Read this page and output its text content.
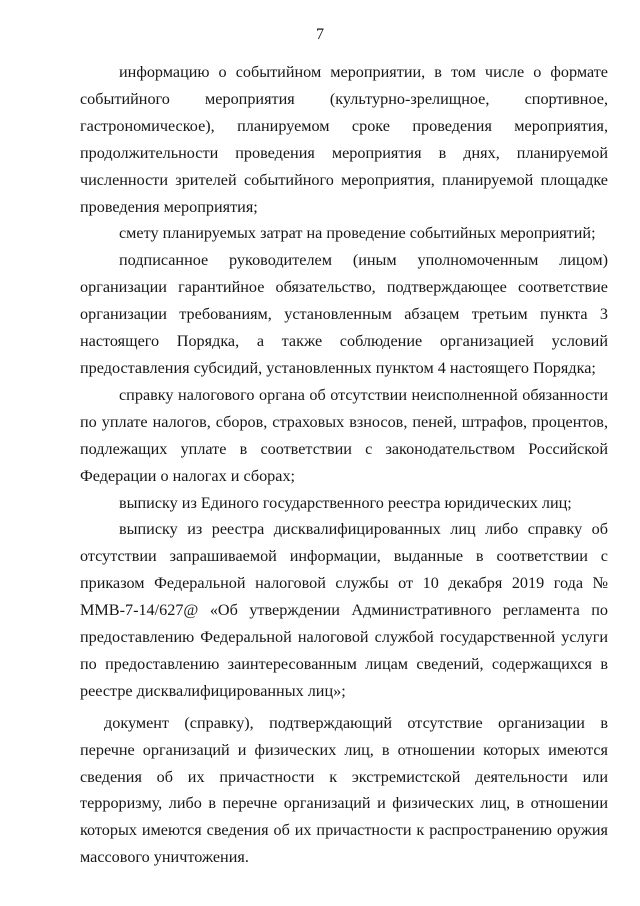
7

информацию о событийном мероприятии, в том числе о формате событийного мероприятия (культурно-зрелищное, спортивное, гастрономическое), планируемом сроке проведения мероприятия, продолжительности проведения мероприятия в днях, планируемой численности зрителей событийного мероприятия, планируемой площадке проведения мероприятия;

смету планируемых затрат на проведение событийных мероприятий;

подписанное руководителем (иным уполномоченным лицом) организации гарантийное обязательство, подтверждающее соответствие организации требованиям, установленным абзацем третьим пункта 3 настоящего Порядка, а также соблюдение организацией условий предоставления субсидий, установленных пунктом 4 настоящего Порядка;

справку налогового органа об отсутствии неисполненной обязанности по уплате налогов, сборов, страховых взносов, пеней, штрафов, процентов, подлежащих уплате в соответствии с законодательством Российской Федерации о налогах и сборах;

выписку из Единого государственного реестра юридических лиц;

выписку из реестра дисквалифицированных лиц либо справку об отсутствии запрашиваемой информации, выданные в соответствии с приказом Федеральной налоговой службы от 10 декабря 2019 года № ММВ-7-14/627@ «Об утверждении Административного регламента по предоставлению Федеральной налоговой службой государственной услуги по предоставлению заинтересованным лицам сведений, содержащихся в реестре дисквалифицированных лиц»;

документ (справку), подтверждающий отсутствие организации в перечне организаций и физических лиц, в отношении которых имеются сведения об их причастности к экстремистской деятельности или терроризму, либо в перечне организаций и физических лиц, в отношении которых имеются сведения об их причастности к распространению оружия массового уничтожения.
